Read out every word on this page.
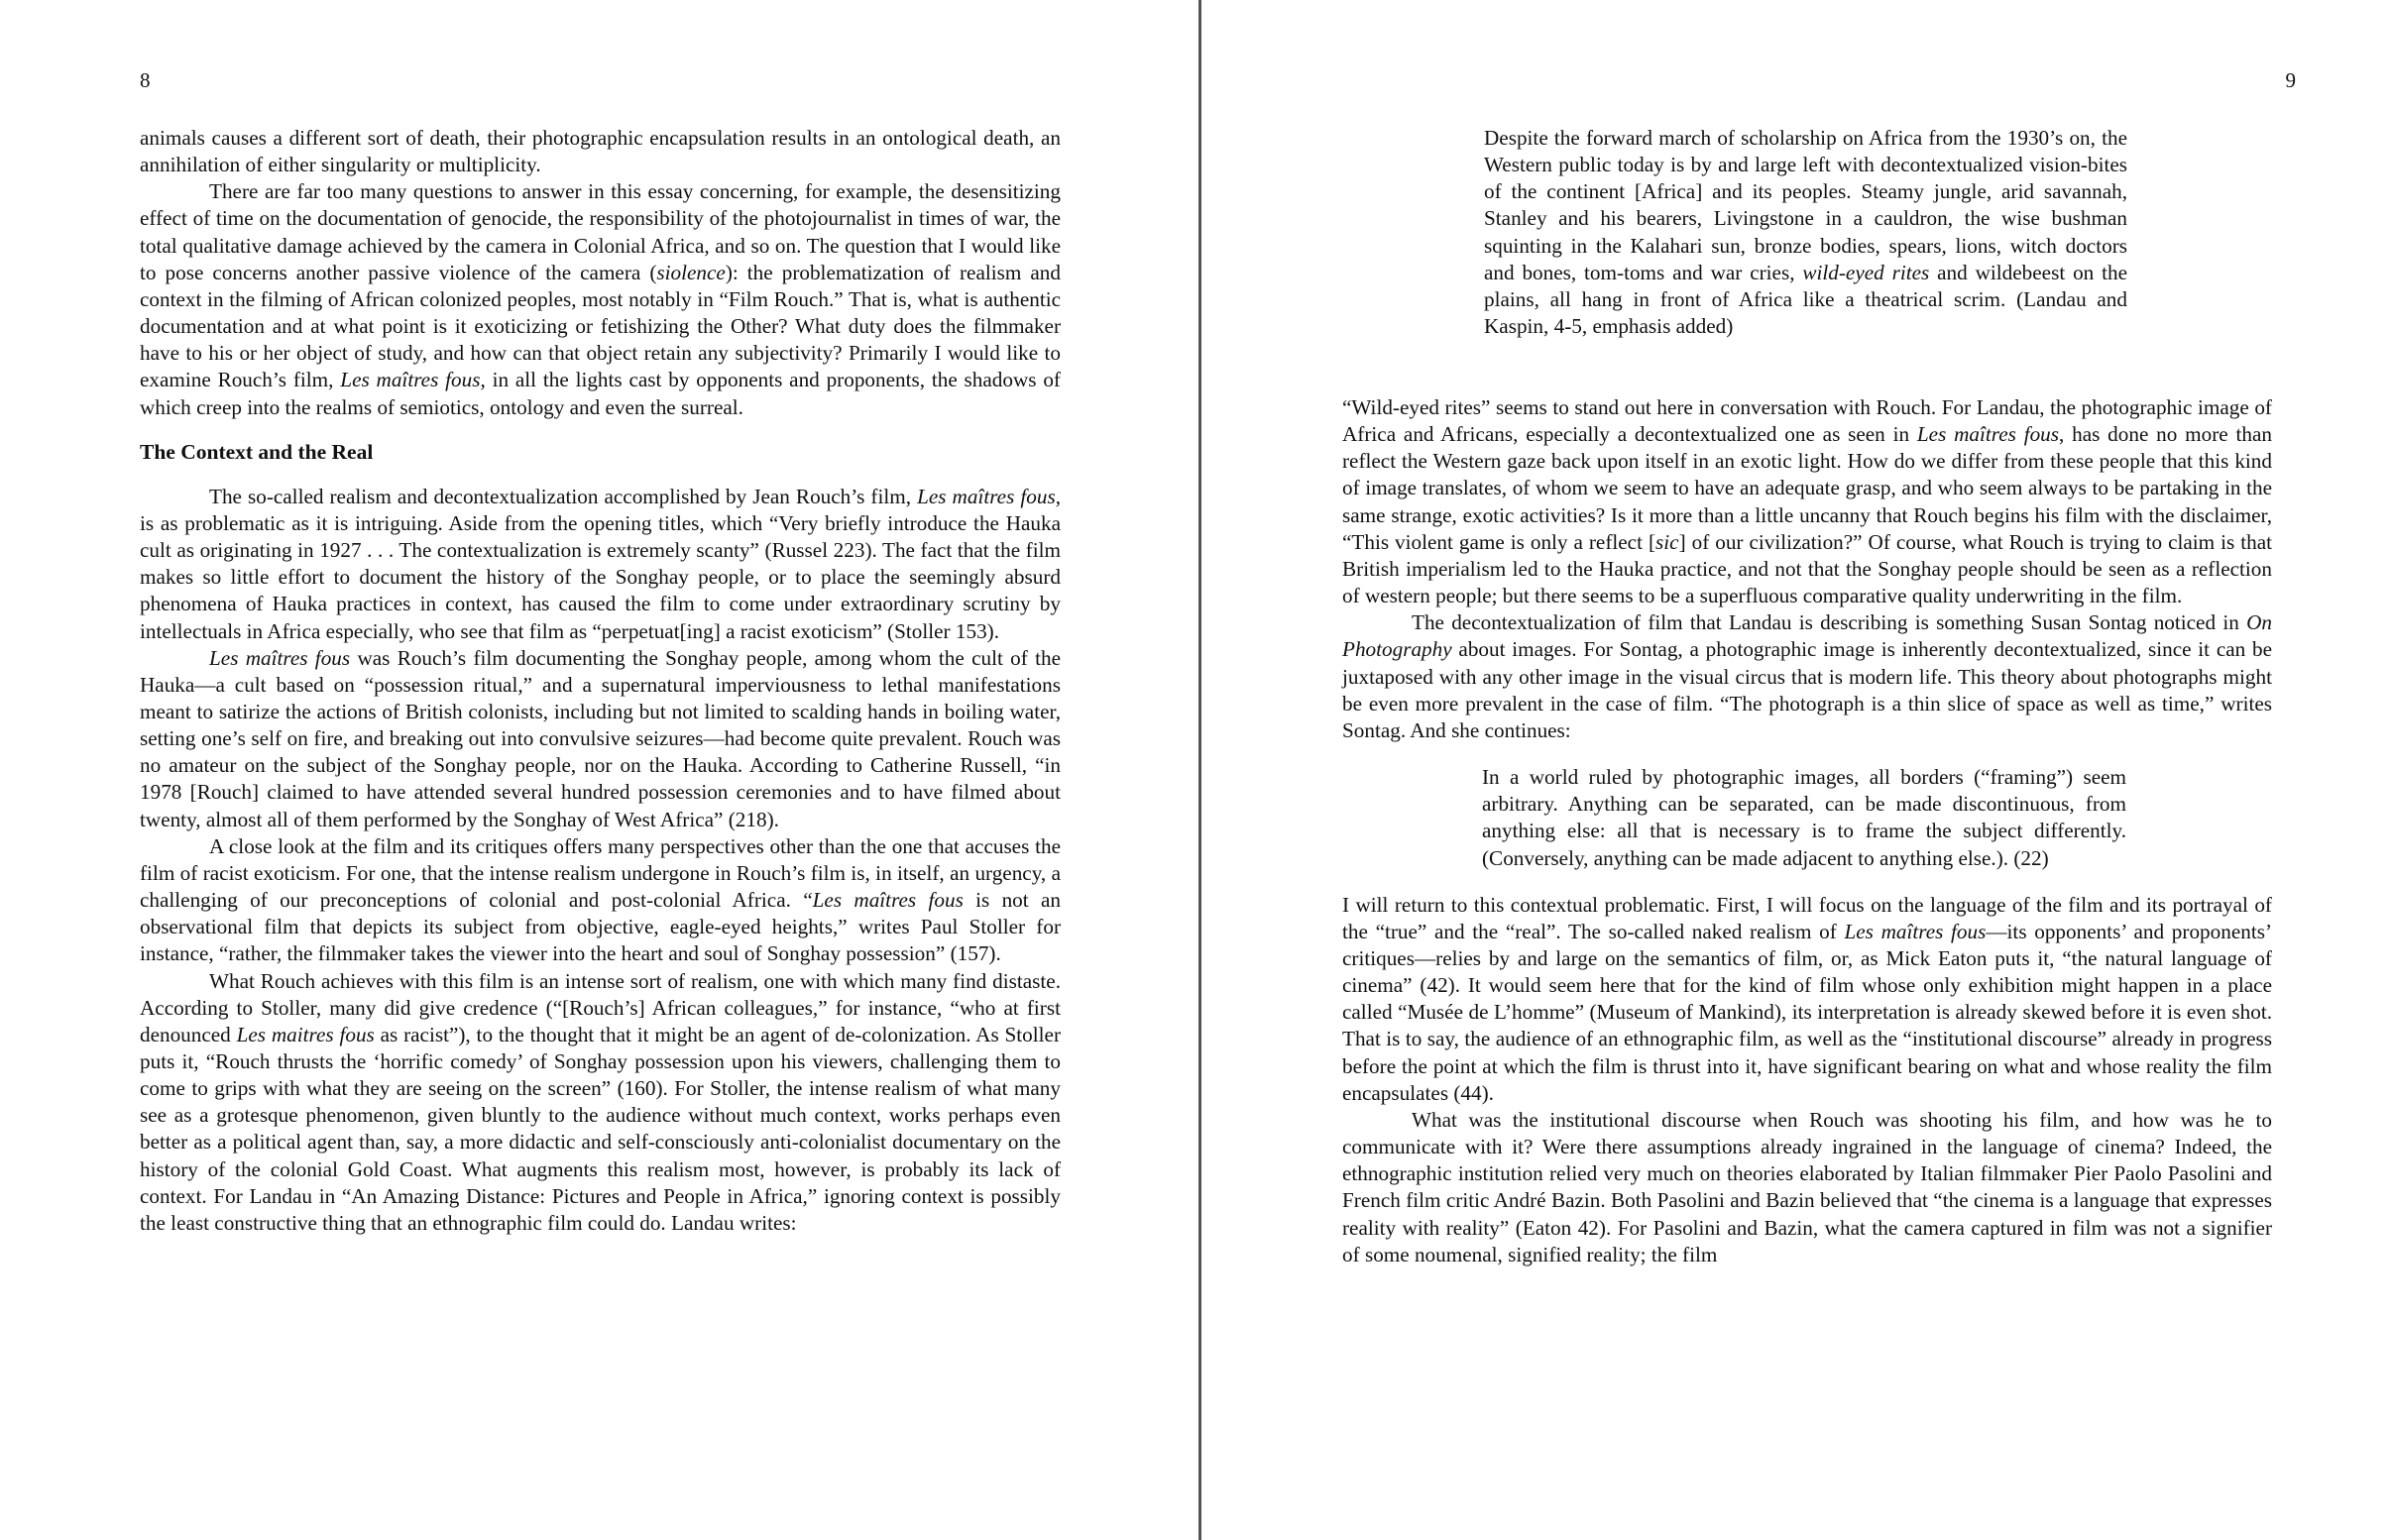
8

animals causes a different sort of death, their photographic encapsulation results in an ontological death, an annihilation of either singularity or multiplicity.

There are far too many questions to answer in this essay concerning, for example, the desensitizing effect of time on the documentation of genocide, the responsibility of the photojournalist in times of war, the total qualitative damage achieved by the camera in Colonial Africa, and so on. The question that I would like to pose concerns another passive violence of the camera (siolence): the problematization of realism and context in the filming of African colonized peoples, most notably in “Film Rouch.” That is, what is authentic documentation and at what point is it exoticizing or fetishizing the Other? What duty does the filmmaker have to his or her object of study, and how can that object retain any subjectivity? Primarily I would like to examine Rouch’s film, Les maîtres fous, in all the lights cast by opponents and proponents, the shadows of which creep into the realms of semiotics, ontology and even the surreal.

The Context and the Real

The so-called realism and decontextualization accomplished by Jean Rouch’s film, Les maîtres fous, is as problematic as it is intriguing. Aside from the opening titles, which “Very briefly introduce the Hauka cult as originating in 1927 . . . The contextualization is extremely scanty” (Russel 223). The fact that the film makes so little effort to document the history of the Songhay people, or to place the seemingly absurd phenomena of Hauka practices in context, has caused the film to come under extraordinary scrutiny by intellectuals in Africa especially, who see that film as “perpetuat[ing] a racist exoticism” (Stoller 153).

Les maîtres fous was Rouch’s film documenting the Songhay people, among whom the cult of the Hauka—a cult based on “possession ritual,” and a supernatural imperviousness to lethal manifestations meant to satirize the actions of British colonists, including but not limited to scalding hands in boiling water, setting one’s self on fire, and breaking out into convulsive seizures—had become quite prevalent. Rouch was no amateur on the subject of the Songhay people, nor on the Hauka. According to Catherine Russell, “in 1978 [Rouch] claimed to have attended several hundred possession ceremonies and to have filmed about twenty, almost all of them performed by the Songhay of West Africa” (218).

A close look at the film and its critiques offers many perspectives other than the one that accuses the film of racist exoticism. For one, that the intense realism undergone in Rouch’s film is, in itself, an urgency, a challenging of our preconceptions of colonial and post-colonial Africa. “Les maîtres fous is not an observational film that depicts its subject from objective, eagle-eyed heights,” writes Paul Stoller for instance, “rather, the filmmaker takes the viewer into the heart and soul of Songhay possession” (157).

What Rouch achieves with this film is an intense sort of realism, one with which many find distaste. According to Stoller, many did give credence (“[Rouch’s] African colleagues,” for instance, “who at first denounced Les maitres fous as racist”), to the thought that it might be an agent of de-colonization. As Stoller puts it, “Rouch thrusts the ‘horrific comedy’ of Songhay possession upon his viewers, challenging them to come to grips with what they are seeing on the screen” (160). For Stoller, the intense realism of what many see as a grotesque phenomenon, given bluntly to the audience without much context, works perhaps even better as a political agent than, say, a more didactic and self-consciously anti-colonialist documentary on the history of the colonial Gold Coast. What augments this realism most, however, is probably its lack of context. For Landau in “An Amazing Distance: Pictures and People in Africa,” ignoring context is possibly the least constructive thing that an ethnographic film could do. Landau writes:

9

Despite the forward march of scholarship on Africa from the 1930’s on, the Western public today is by and large left with decontextualized vision-bites of the continent [Africa] and its peoples. Steamy jungle, arid savannah, Stanley and his bearers, Livingstone in a cauldron, the wise bushman squinting in the Kalahari sun, bronze bodies, spears, lions, witch doctors and bones, tom-toms and war cries, wild-eyed rites and wildebeest on the plains, all hang in front of Africa like a theatrical scrim. (Landau and Kaspin, 4-5, emphasis added)

“Wild-eyed rites” seems to stand out here in conversation with Rouch. For Landau, the photographic image of Africa and Africans, especially a decontextualized one as seen in Les maîtres fous, has done no more than reflect the Western gaze back upon itself in an exotic light. How do we differ from these people that this kind of image translates, of whom we seem to have an adequate grasp, and who seem always to be partaking in the same strange, exotic activities? Is it more than a little uncanny that Rouch begins his film with the disclaimer, “This violent game is only a reflect [sic] of our civilization?” Of course, what Rouch is trying to claim is that British imperialism led to the Hauka practice, and not that the Songhay people should be seen as a reflection of western people; but there seems to be a superfluous comparative quality underwriting in the film.

The decontextualization of film that Landau is describing is something Susan Sontag noticed in On Photography about images. For Sontag, a photographic image is inherently decontextualized, since it can be juxtaposed with any other image in the visual circus that is modern life. This theory about photographs might be even more prevalent in the case of film. “The photograph is a thin slice of space as well as time,” writes Sontag. And she continues:

In a world ruled by photographic images, all borders (“framing”) seem arbitrary. Anything can be separated, can be made discontinuous, from anything else: all that is necessary is to frame the subject differently. (Conversely, anything can be made adjacent to anything else.). (22)

I will return to this contextual problematic. First, I will focus on the language of the film and its portrayal of the “true” and the “real”. The so-called naked realism of Les maîtres fous—its opponents’ and proponents’ critiques—relies by and large on the semantics of film, or, as Mick Eaton puts it, “the natural language of cinema” (42). It would seem here that for the kind of film whose only exhibition might happen in a place called “Musée de L’homme” (Museum of Mankind), its interpretation is already skewed before it is even shot. That is to say, the audience of an ethnographic film, as well as the “institutional discourse” already in progress before the point at which the film is thrust into it, have significant bearing on what and whose reality the film encapsulates (44).

What was the institutional discourse when Rouch was shooting his film, and how was he to communicate with it? Were there assumptions already ingrained in the language of cinema? Indeed, the ethnographic institution relied very much on theories elaborated by Italian filmmaker Pier Paolo Pasolini and French film critic André Bazin. Both Pasolini and Bazin believed that “the cinema is a language that expresses reality with reality” (Eaton 42). For Pasolini and Bazin, what the camera captured in film was not a signifier of some noumenal, signified reality; the film
